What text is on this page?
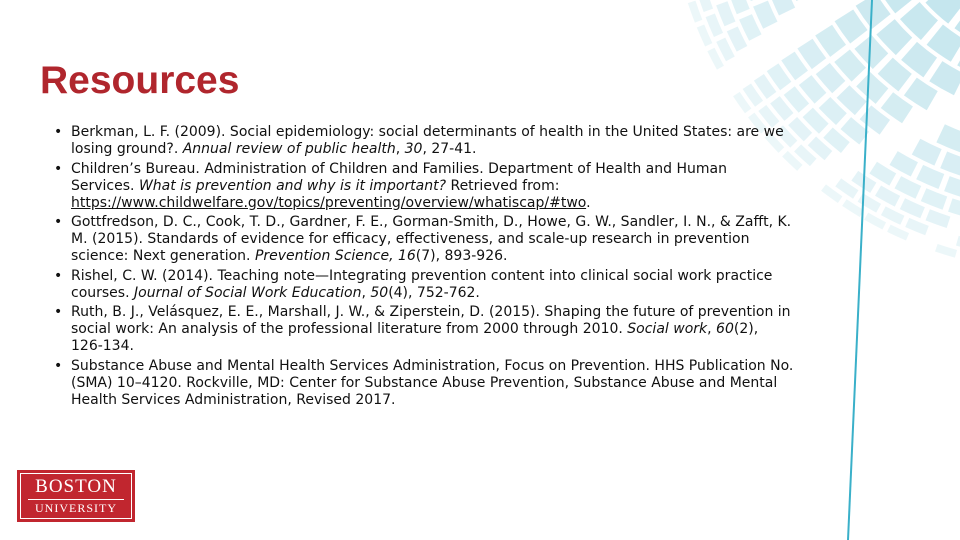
Resources
• Berkman, L. F. (2009). Social epidemiology: social determinants of health in the United States: are we losing ground?. Annual review of public health, 30, 27-41.
• Children’s Bureau. Administration of Children and Families. Department of Health and Human Services. What is prevention and why is it important? Retrieved from: https://www.childwelfare.gov/topics/preventing/overview/whatiscap/#two.
• Gottfredson, D. C., Cook, T. D., Gardner, F. E., Gorman-Smith, D., Howe, G. W., Sandler, I. N., & Zafft, K. M. (2015). Standards of evidence for efficacy, effectiveness, and scale-up research in prevention science: Next generation. Prevention Science, 16(7), 893-926.
• Rishel, C. W. (2014). Teaching note—Integrating prevention content into clinical social work practice courses. Journal of Social Work Education, 50(4), 752-762.
• Ruth, B. J., Velásquez, E. E., Marshall, J. W., & Ziperstein, D. (2015). Shaping the future of prevention in social work: An analysis of the professional literature from 2000 through 2010. Social work, 60(2), 126-134.
• Substance Abuse and Mental Health Services Administration, Focus on Prevention. HHS Publication No. (SMA) 10–4120. Rockville, MD: Center for Substance Abuse Prevention, Substance Abuse and Mental Health Services Administration, Revised 2017.
BOSTON
UNIVERSITY
